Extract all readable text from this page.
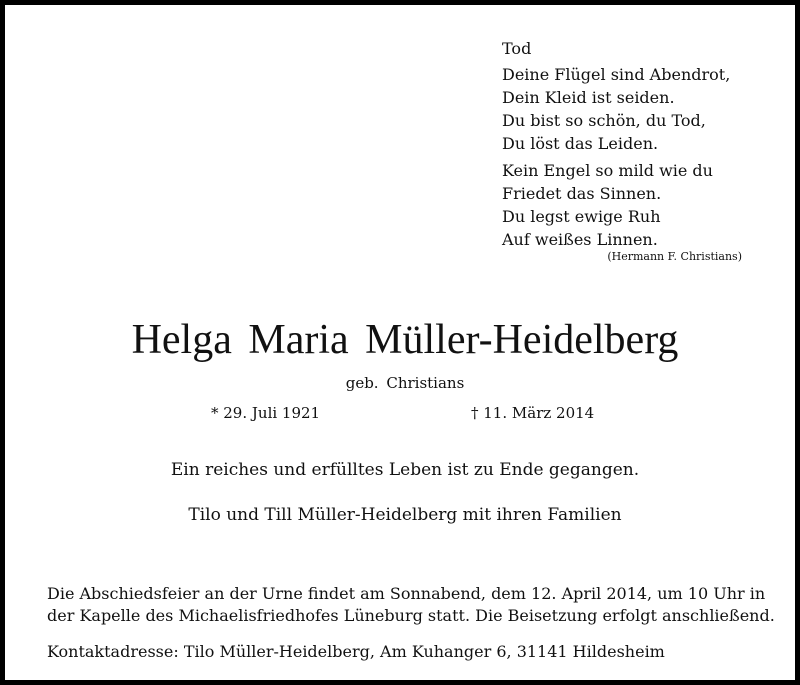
Tod
Deine Flügel sind Abendrot,
Dein Kleid ist seiden.
Du bist so schön, du Tod,
Du löst das Leiden.
Kein Engel so mild wie du
Friedet das Sinnen.
Du legst ewige Ruh
Auf weißes Linnen.
(Hermann F. Christians)
Helga Maria Müller-Heidelberg
geb. Christians
* 29. Juli 1921	† 11. März 2014
Ein reiches und erfülltes Leben ist zu Ende gegangen.
Tilo und Till Müller-Heidelberg mit ihren Familien
Die Abschiedsfeier an der Urne findet am Sonnabend, dem 12. April 2014, um 10 Uhr in
der Kapelle des Michaelisfriedhofes Lüneburg statt. Die Beisetzung erfolgt anschließend.
Kontaktadresse: Tilo Müller-Heidelberg, Am Kuhanger 6, 31141 Hildesheim
